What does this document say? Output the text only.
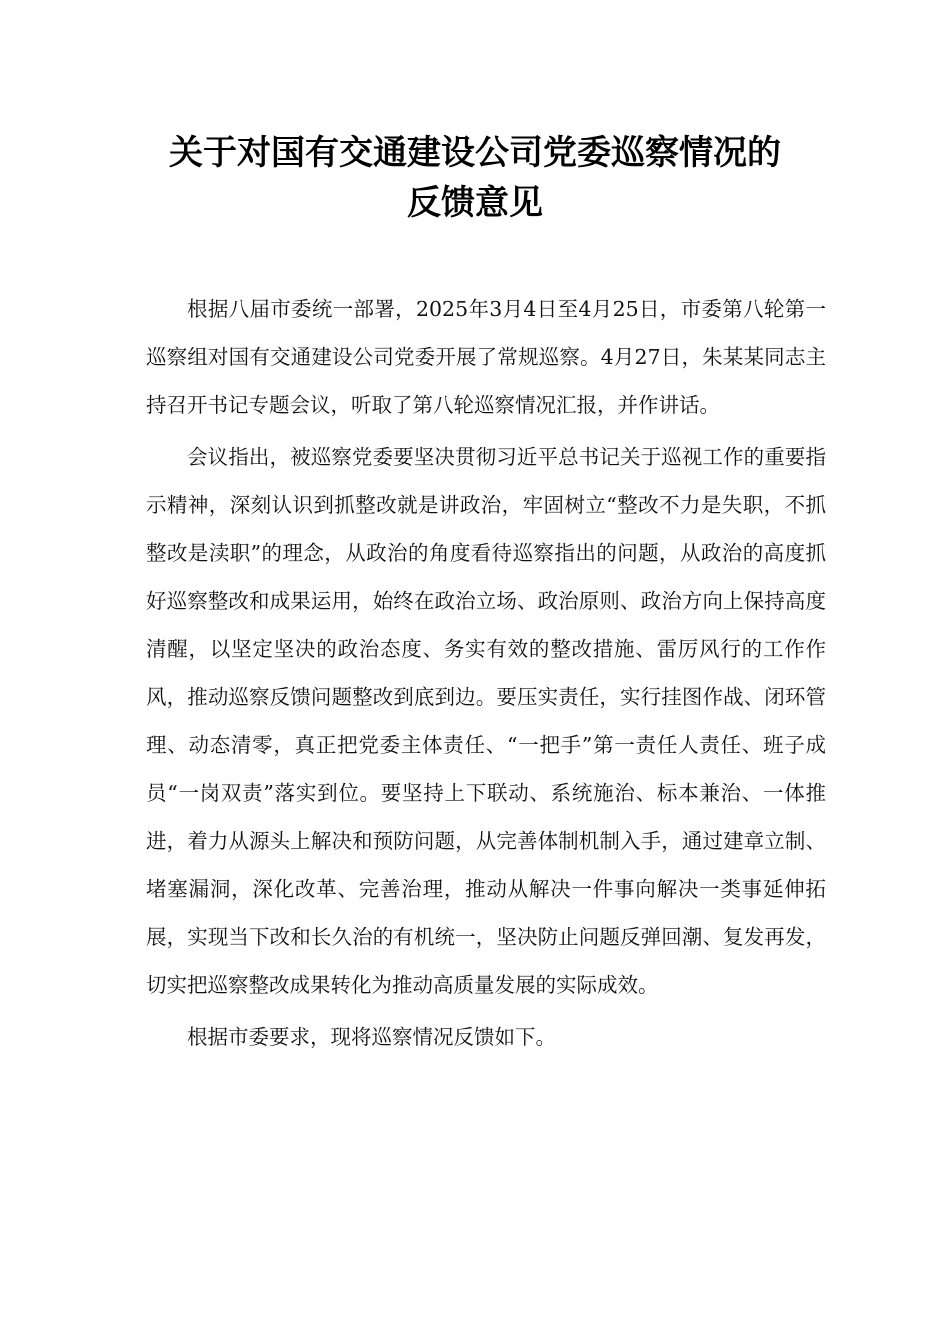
关于对国有交通建设公司党委巡察情况的
反馈意见

根据八届市委统一部署，2025年3月4日至4月25日，市委第八轮第一巡察组对国有交通建设公司党委开展了常规巡察。4月27日，朱某某同志主持召开书记专题会议，听取了第八轮巡察情况汇报，并作讲话。

会议指出，被巡察党委要坚决贯彻习近平总书记关于巡视工作的重要指示精神，深刻认识到抓整改就是讲政治，牢固树立“整改不力是失职，不抓整改是渎职”的理念，从政治的角度看待巡察指出的问题，从政治的高度抓好巡察整改和成果运用，始终在政治立场、政治原则、政治方向上保持高度清醒，以坚定坚决的政治态度、务实有效的整改措施、雷厉风行的工作作风，推动巡察反馈问题整改到底到边。要压实责任，实行挂图作战、闭环管理、动态清零，真正把党委主体责任、“一把手”第一责任人责任、班子成员“一岗双责”落实到位。要坚持上下联动、系统施治、标本兼治、一体推进，着力从源头上解决和预防问题，从完善体制机制入手，通过建章立制、堵塞漏洞，深化改革、完善治理，推动从解决一件事向解决一类事延伸拓展，实现当下改和长久治的有机统一，坚决防止问题反弹回潮、复发再发，切实把巡察整改成果转化为推动高质量发展的实际成效。

根据市委要求，现将巡察情况反馈如下。
